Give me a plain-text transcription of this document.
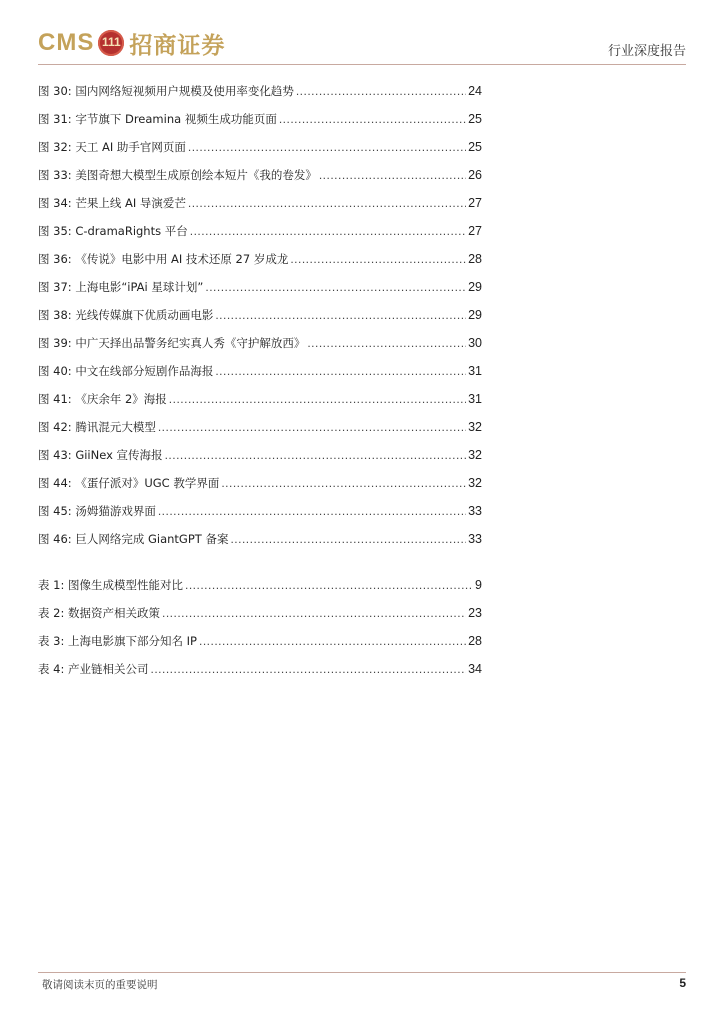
CMS 111 招商证券	行业深度报告
图 30: 国内网络短视频用户规模及使用率变化趋势 .....	24
图 31: 字节旗下 Dreamina 视频生成功能页面 .....	25
图 32: 天工 AI 助手官网页面 .....	25
图 33: 美图奇想大模型生成原创绘本短片《我的卷发》 .....	26
图 34: 芒果上线 AI 导演爱芒 .....	27
图 35: C-dramaRights 平台 .....	27
图 36: 《传说》电影中用 AI 技术还原 27 岁成龙 .....	28
图 37: 上海电影“iPAi 星球计划” .....	29
图 38: 光线传媒旗下优质动画电影 .....	29
图 39: 中广天择出品警务纪实真人秀《守护解放西》 .....	30
图 40: 中文在线部分短剧作品海报 .....	31
图 41: 《庆余年 2》海报 .....	31
图 42: 腾讯混元大模型 .....	32
图 43: GiiNex 宣传海报 .....	32
图 44: 《蛋仔派对》UGC 教学界面 .....	32
图 45: 汤姆猫游戏界面 .....	33
图 46: 巨人网络完成 GiantGPT 备案 .....	33
表 1: 图像生成模型性能对比 .....	9
表 2: 数据资产相关政策 .....	23
表 3: 上海电影旗下部分知名 IP .....	28
表 4: 产业链相关公司 .....	34
敬请阅读末页的重要说明	5
